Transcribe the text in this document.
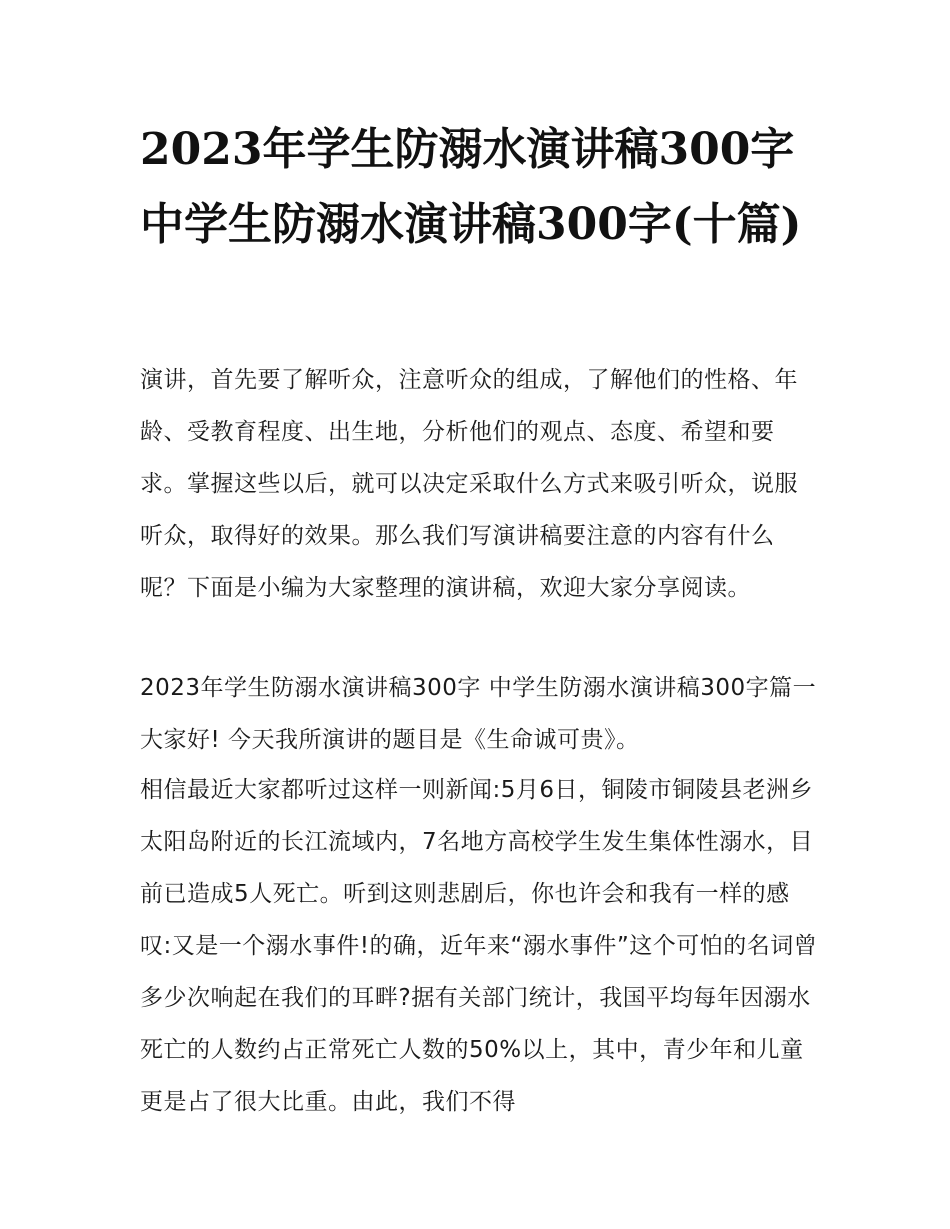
2023年学生防溺水演讲稿300字 中学生防溺水演讲稿300字(十篇)

演讲，首先要了解听众，注意听众的组成，了解他们的性格、年龄、受教育程度、出生地，分析他们的观点、态度、希望和要求。掌握这些以后，就可以决定采取什么方式来吸引听众，说服听众，取得好的效果。那么我们写演讲稿要注意的内容有什么呢？下面是小编为大家整理的演讲稿，欢迎大家分享阅读。

2023年学生防溺水演讲稿300字 中学生防溺水演讲稿300字篇一 大家好! 今天我所演讲的题目是《生命诚可贵》。

相信最近大家都听过这样一则新闻:5月6日，铜陵市铜陵县老洲乡太阳岛附近的长江流域内，7名地方高校学生发生集体性溺水，目前已造成5人死亡。听到这则悲剧后，你也许会和我有一样的感叹:又是一个溺水事件!的确，近年来“溺水事件”这个可怕的名词曾多少次响起在我们的耳畔?据有关部门统计，我国平均每年因溺水死亡的人数约占正常死亡人数的50%以上，其中，青少年和儿童更是占了很大比重。由此，我们不得
